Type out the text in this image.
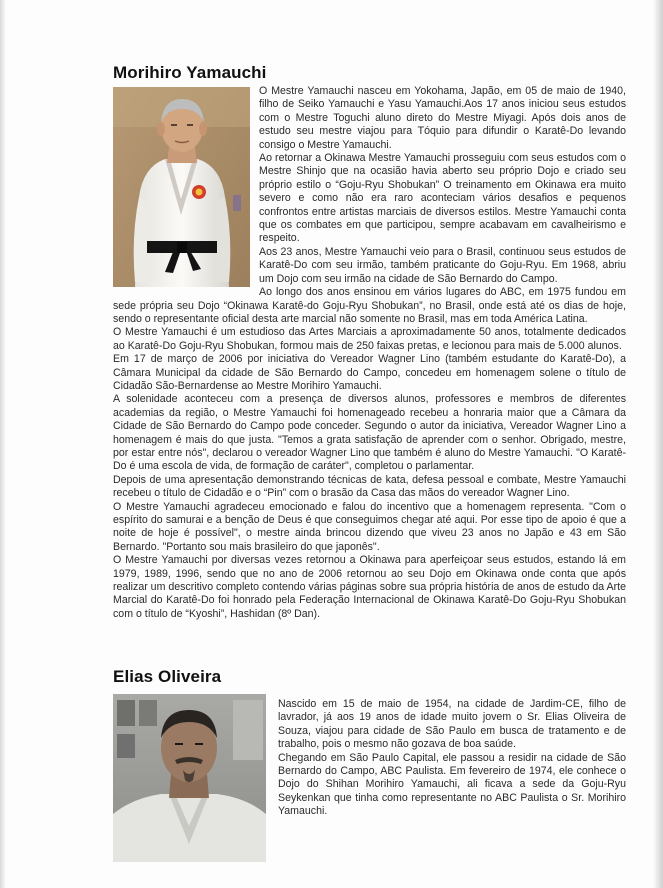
Morihiro Yamauchi

O Mestre Yamauchi nasceu em Yokohama, Japão, em 05 de maio de 1940, filho de Seiko Yamauchi e Yasu Yamauchi.Aos 17 anos iniciou seus estudos com o Mestre Toguchi aluno direto do Mestre Miyagi. Após dois anos de estudo seu mestre viajou para Tóquio para difundir o Karatê-Do levando consigo o Mestre Yamauchi.

Ao retornar a Okinawa Mestre Yamauchi prosseguiu com seus estudos com o Mestre Shinjo que na ocasião havia aberto seu próprio Dojo e criado seu próprio estilo o “Goju-Ryu Shobukan” O treinamento em Okinawa era muito severo e como não era raro aconteciam vários desafios e pequenos confrontos entre artistas marciais de diversos estilos. Mestre Yamauchi conta que os combates em que participou, sempre acabavam em cavalheirismo e respeito.

Aos 23 anos, Mestre Yamauchi veio para o Brasil, continuou seus estudos de Karatê-Do com seu irmão, também praticante do Goju-Ryu. Em 1968, abriu um Dojo com seu irmão na cidade de São Bernardo do Campo.

Ao longo dos anos ensinou em vários lugares do ABC, em 1975 fundou em sede própria seu Dojo “Okinawa Karatê-do Goju-Ryu Shobukan”, no Brasil, onde está até os dias de hoje, sendo o representante oficial desta arte marcial não somente no Brasil, mas em toda América Latina.

O Mestre Yamauchi é um estudioso das Artes Marciais a aproximadamente 50 anos, totalmente dedicados ao Karatê-Do Goju-Ryu Shobukan, formou mais de 250 faixas pretas, e lecionou para mais de 5.000 alunos.

Em 17 de março de 2006 por iniciativa do Vereador Wagner Lino (também estudante do Karatê-Do), a Câmara Municipal da cidade de São Bernardo do Campo, concedeu em homenagem solene o título de Cidadão São-Bernardense ao Mestre Morihiro Yamauchi.

A solenidade aconteceu com a presença de diversos alunos, professores e membros de diferentes academias da região, o Mestre Yamauchi foi homenageado recebeu a honraria maior que a Câmara da Cidade de São Bernardo do Campo pode conceder. Segundo o autor da iniciativa, Vereador Wagner Lino a homenagem é mais do que justa. "Temos a grata satisfação de aprender com o senhor. Obrigado, mestre, por estar entre nós", declarou o vereador Wagner Lino que também é aluno do Mestre Yamauchi. "O Karatê-Do é uma escola de vida, de formação de caráter", completou o parlamentar.

Depois de uma apresentação demonstrando técnicas de kata, defesa pessoal e combate, Mestre Yamauchi recebeu o título de Cidadão e o “Pin” com o brasão da Casa das mãos do vereador Wagner Lino.

O Mestre Yamauchi agradeceu emocionado e falou do incentivo que a homenagem representa. "Com o espírito do samurai e a benção de Deus é que conseguimos chegar até aqui. Por esse tipo de apoio é que a noite de hoje é possível", o mestre ainda brincou dizendo que viveu 23 anos no Japão e 43 em São Bernardo. "Portanto sou mais brasileiro do que japonês".

O Mestre Yamauchi por diversas vezes retornou a Okinawa para aperfeiçoar seus estudos, estando lá em 1979, 1989, 1996, sendo que no ano de 2006 retornou ao seu Dojo em Okinawa onde conta que após realizar um descritivo completo contendo várias páginas sobre sua própria história de anos de estudo da Arte Marcial do Karatê-Do foi honrado pela Federação Internacional de Okinawa Karatê-Do Goju-Ryu Shobukan com o título de “Kyoshi”, Hashidan (8º Dan).

Elias Oliveira

Nascido em 15 de maio de 1954, na cidade de Jardim-CE, filho de lavrador, já aos 19 anos de idade muito jovem o Sr. Elias Oliveira de Souza, viajou para cidade de São Paulo em busca de tratamento e de trabalho, pois o mesmo não gozava de boa saúde.

Chegando em São Paulo Capital, ele passou a residir na cidade de São Bernardo do Campo, ABC Paulista. Em fevereiro de 1974, ele conhece o Dojo do Shihan Morihiro Yamauchi, ali ficava a sede da Goju-Ryu Seykenkan que tinha como representante no ABC Paulista o Sr. Morihiro Yamauchi.
